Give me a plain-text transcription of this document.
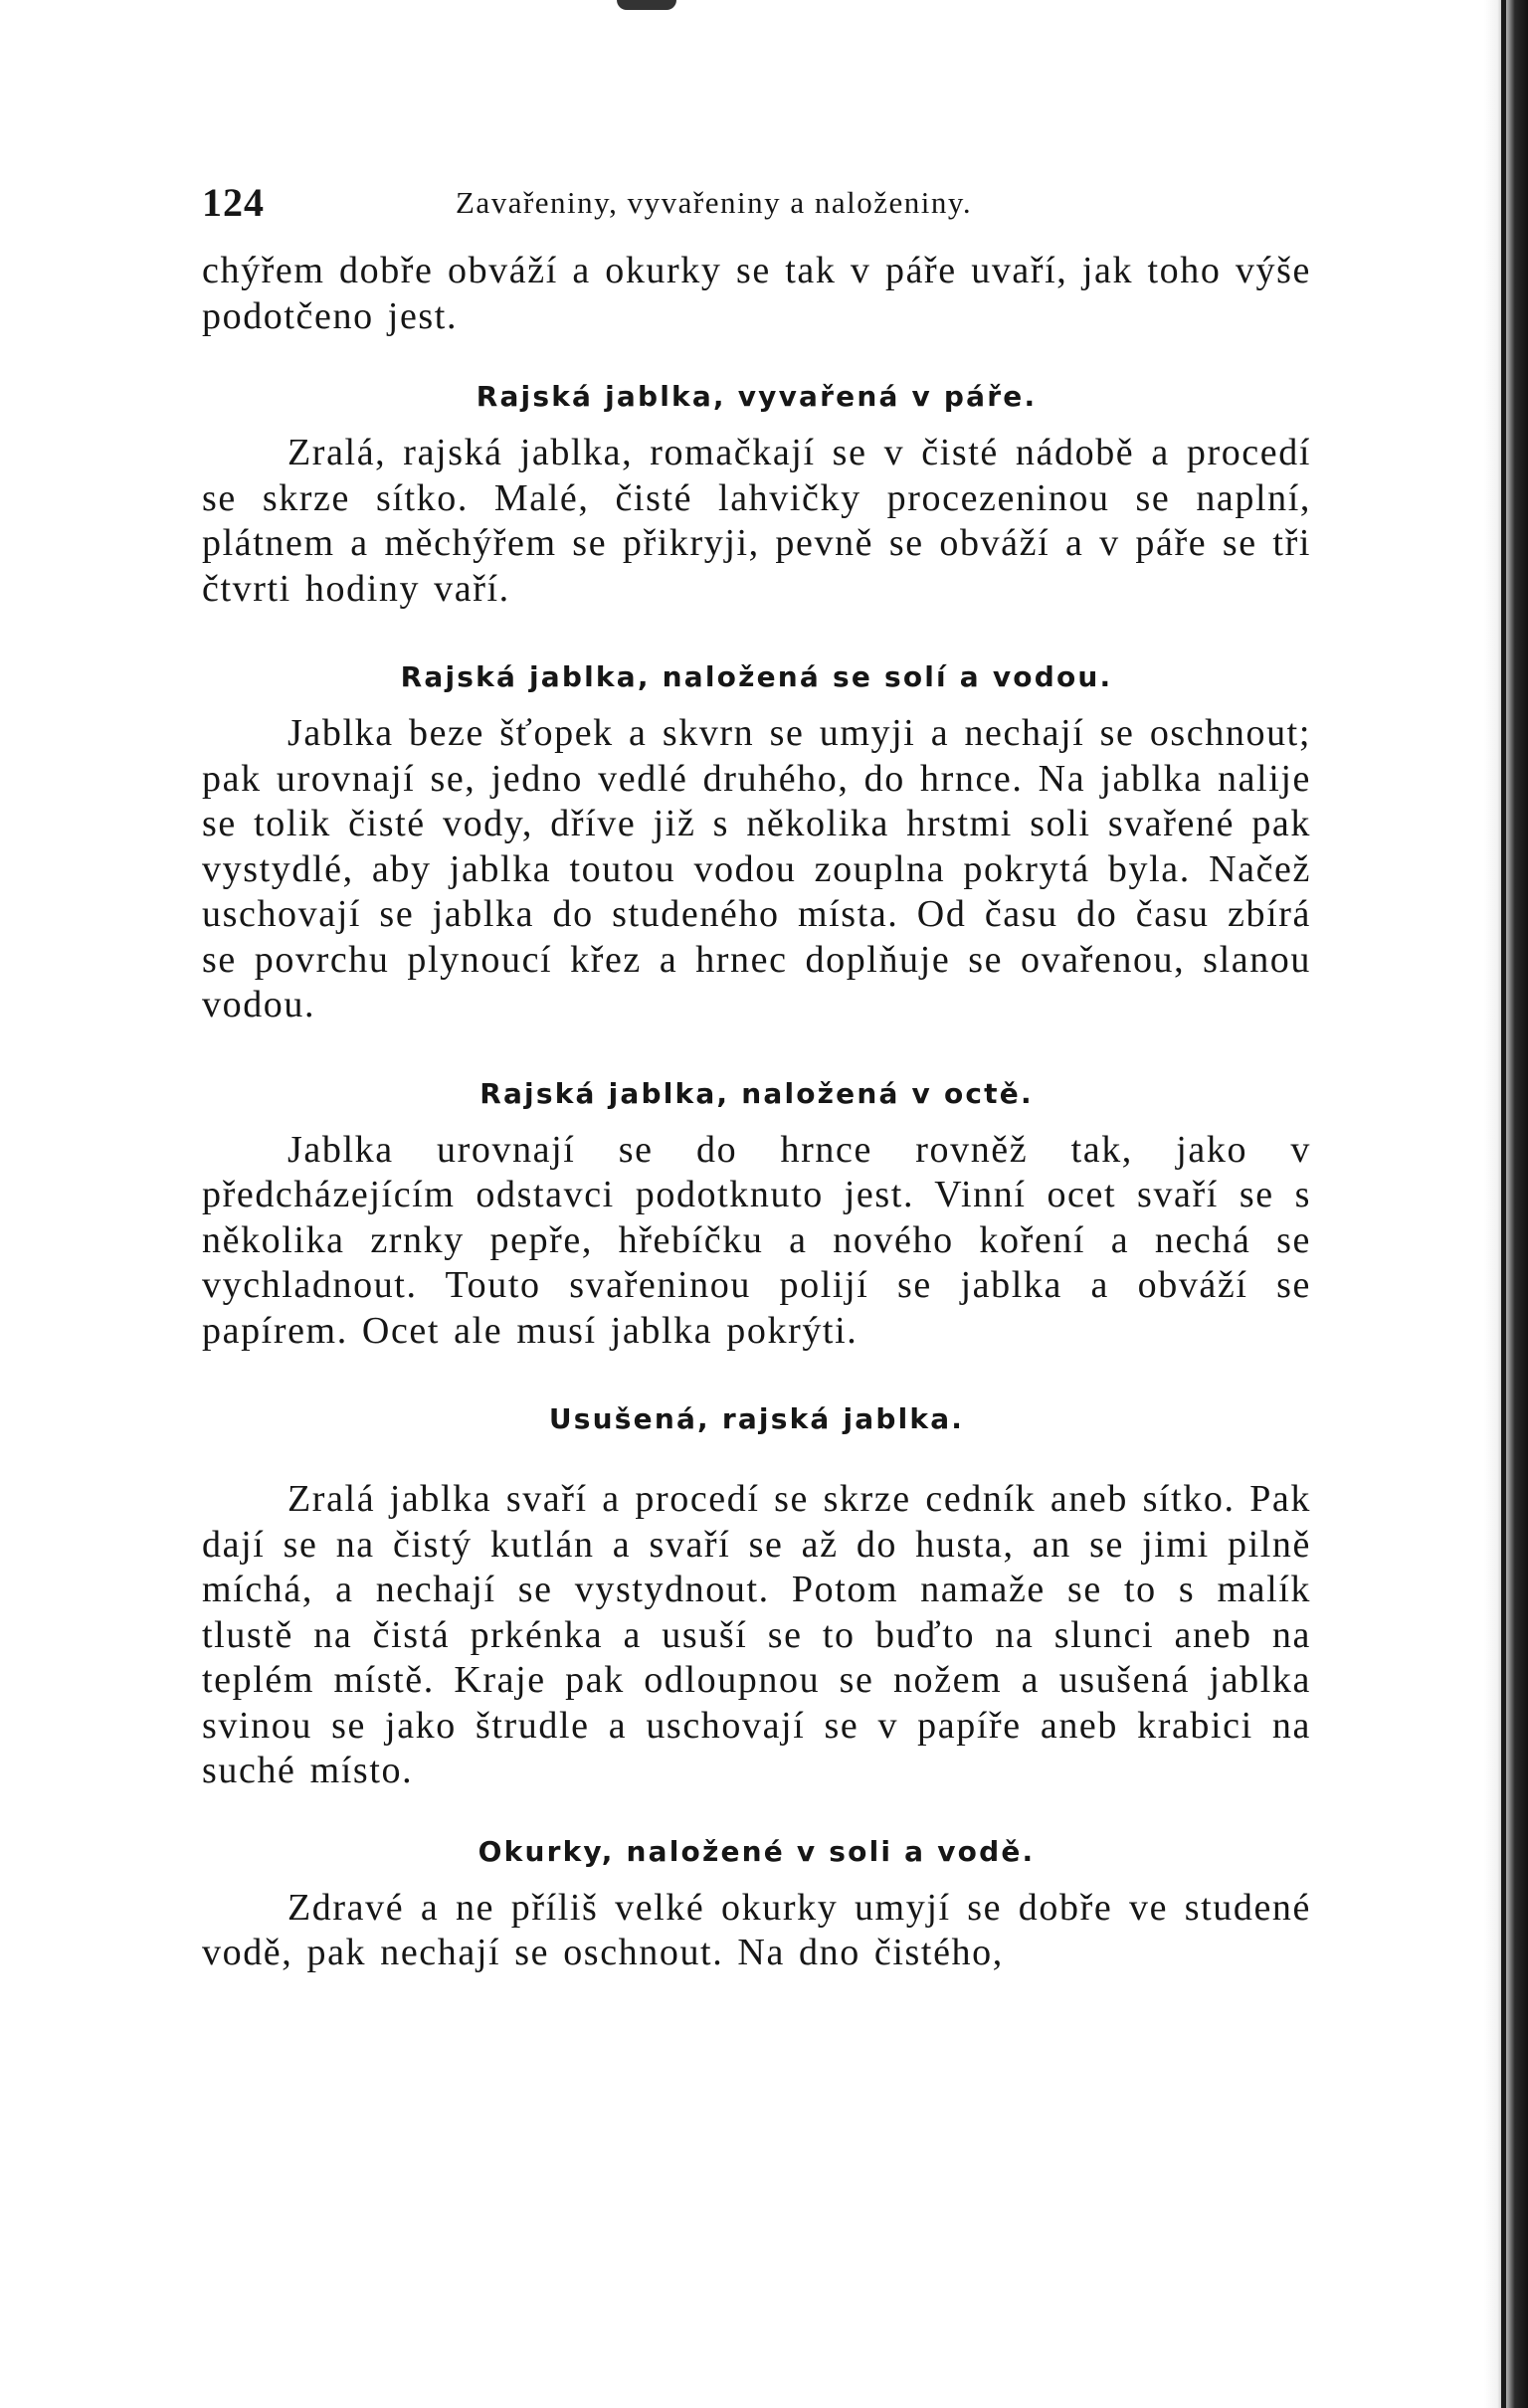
124	Zavařeniny, vyvařeniny a naloženiny.

chýřem dobře obváží a okurky se tak v páře uvaří, jak toho výše podotčeno jest.

Rajská jablka, vyvařená v páře.

Zralá, rajská jablka, romačkají se v čisté nádobě a procedí se skrze sítko. Malé, čisté lahvičky procezeninou se naplní, plátnem a měchýřem se přikryji, pevně se obváží a v páře se tři čtvrti hodiny vaří.

Rajská jablka, naložená se solí a vodou.

Jablka beze šťopek a skvrn se umyji a nechají se oschnout; pak urovnají se, jedno vedlé druhého, do hrnce. Na jablka nalije se tolik čisté vody, dříve již s několika hrstmi soli svařené pak vystydlé, aby jablka toutou vodou zouplna pokrytá byla. Načež uschovají se jablka do studeného místa. Od času do času zbírá se povrchu plynoucí křez a hrnec doplňuje se ovařenou, slanou vodou.

Rajská jablka, naložená v octě.

Jablka urovnají se do hrnce rovněž tak, jako v předcházejícím odstavci podotknuto jest. Vinní ocet svaří se s několika zrnky pepře, hřebíčku a nového koření a nechá se vychladnout. Touto svařeninou polijí se jablka a obváží se papírem. Ocet ale musí jablka pokrýti.

Usušená, rajská jablka.

Zralá jablka svaří a procedí se skrze cedník aneb sítko. Pak dají se na čistý kutlán a svaří se až do husta, an se jimi pilně míchá, a nechají se vystydnout. Potom namaže se to s malík tlustě na čistá prkénka a usuší se to buďto na slunci aneb na teplém místě. Kraje pak odloupnou se nožem a usušená jablka svinou se jako štrudle a uschovají se v papíře aneb krabici na suché místo.

Okurky, naložené v soli a vodě.

Zdravé a ne příliš velké okurky umyjí se dobře ve studené vodě, pak nechají se oschnout. Na dno čistého,
